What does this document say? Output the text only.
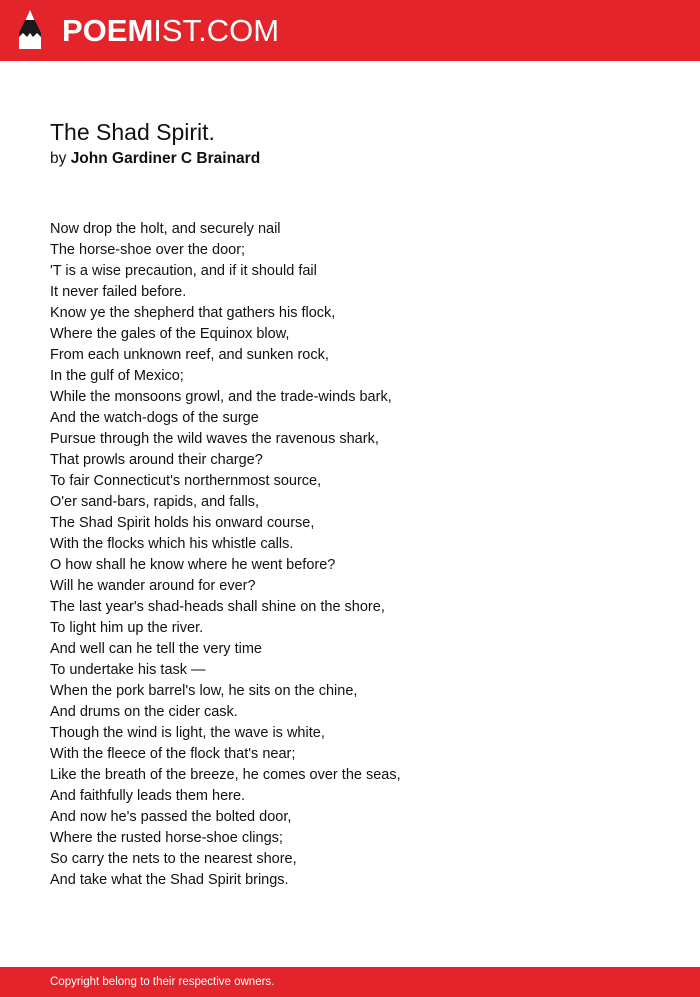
POEMIST.COM
The Shad Spirit.
by John Gardiner C Brainard
Now drop the holt, and securely nail
The horse-shoe over the door;
'T is a wise precaution, and if it should fail
It never failed before.
Know ye the shepherd that gathers his flock,
Where the gales of the Equinox blow,
From each unknown reef, and sunken rock,
In the gulf of Mexico;
While the monsoons growl, and the trade-winds bark,
And the watch-dogs of the surge
Pursue through the wild waves the ravenous shark,
That prowls around their charge?
To fair Connecticut's northernmost source,
O'er sand-bars, rapids, and falls,
The Shad Spirit holds his onward course,
With the flocks which his whistle calls.
O how shall he know where he went before?
Will he wander around for ever?
The last year's shad-heads shall shine on the shore,
To light him up the river.
And well can he tell the very time
To undertake his task —
When the pork barrel's low, he sits on the chine,
And drums on the cider cask.
Though the wind is light, the wave is white,
With the fleece of the flock that's near;
Like the breath of the breeze, he comes over the seas,
And faithfully leads them here.
And now he's passed the bolted door,
Where the rusted horse-shoe clings;
So carry the nets to the nearest shore,
And take what the Shad Spirit brings.
Copyright belong to their respective owners.
